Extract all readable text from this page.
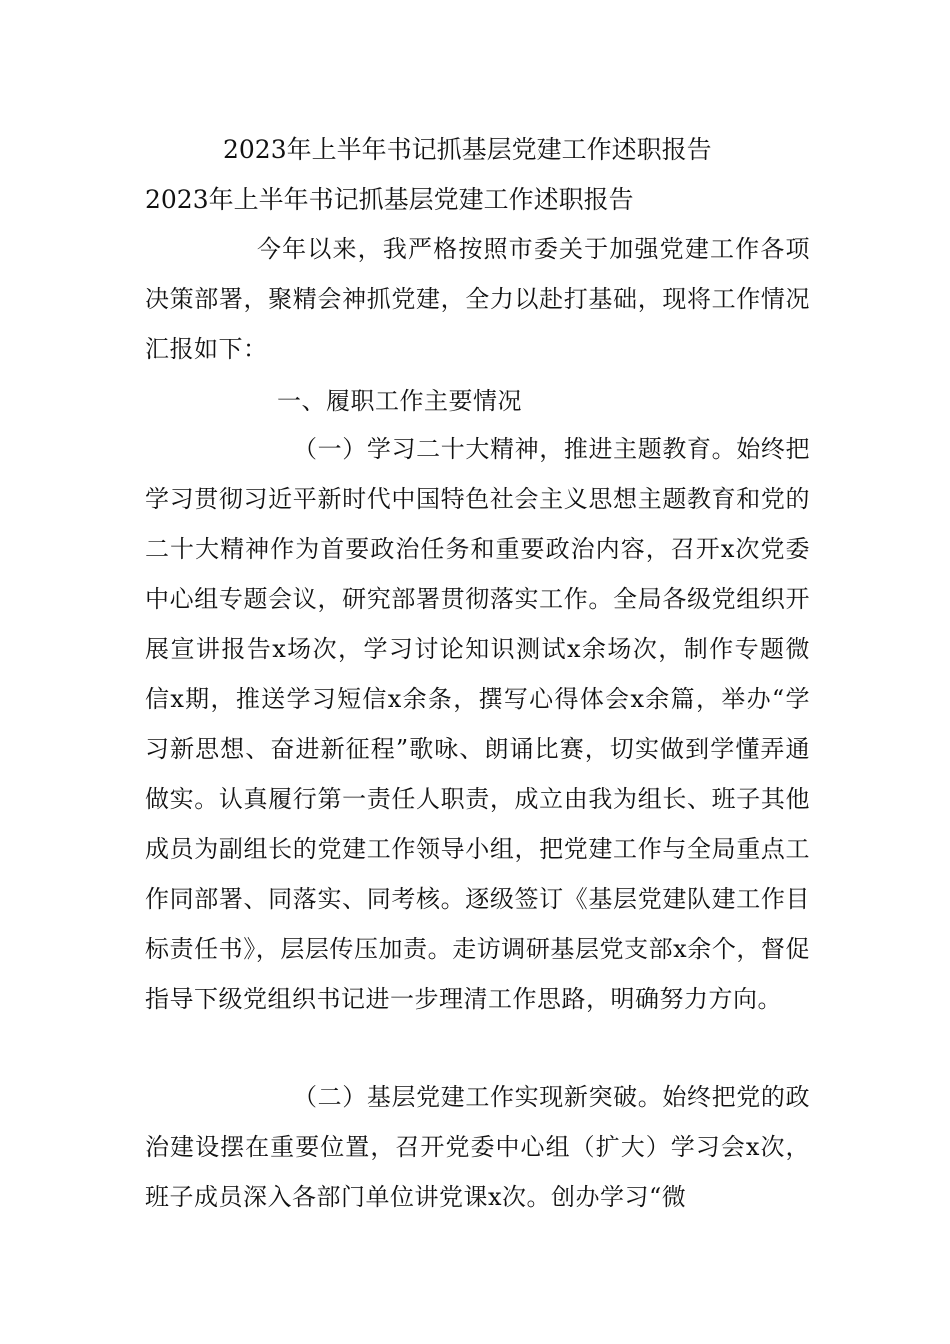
2023年上半年书记抓基层党建工作述职报告
2023年上半年书记抓基层党建工作述职报告
今年以来，我严格按照市委关于加强党建工作各项决策部署，聚精会神抓党建，全力以赴打基础，现将工作情况汇报如下：
一、履职工作主要情况
（一）学习二十大精神，推进主题教育。始终把学习贯彻习近平新时代中国特色社会主义思想主题教育和党的二十大精神作为首要政治任务和重要政治内容，召开x次党委中心组专题会议，研究部署贯彻落实工作。全局各级党组织开展宣讲报告x场次，学习讨论知识测试x余场次，制作专题微信x期，推送学习短信x余条，撰写心得体会x余篇，举办“学习新思想、奋进新征程”歌咏、朗诵比赛，切实做到学懂弄通做实。认真履行第一责任人职责，成立由我为组长、班子其他成员为副组长的党建工作领导小组，把党建工作与全局重点工作同部署、同落实、同考核。逐级签订《基层党建队建工作目标责任书》，层层传压加责。走访调研基层党支部x余个，督促指导下级党组织书记进一步理清工作思路，明确努力方向。
（二）基层党建工作实现新突破。始终把党的政治建设摆在重要位置，召开党委中心组（扩大）学习会x次，班子成员深入各部门单位讲党课x次。创办学习“微
